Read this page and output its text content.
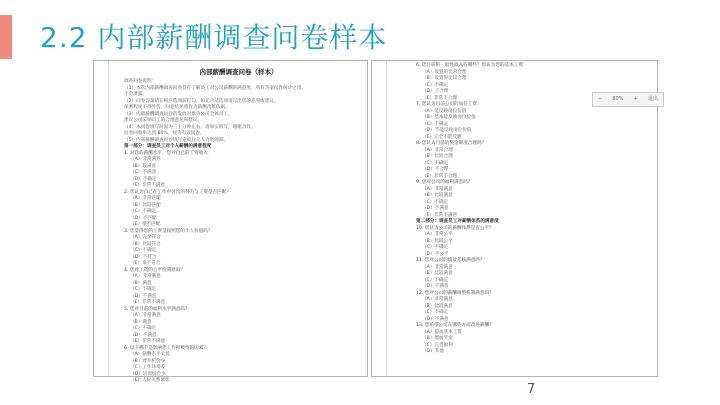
2.2 内部薪酬调查问卷样本
内部薪酬调查问卷（样本）
调查问卷说明：
（1）本次内部薪酬调查问卷旨在了解员工对公司薪酬的满意度，所有答案仅作统计之用。
不会泄露。
（2）问卷答案请在相应选项前打勾，如无合适选项请写出您的意见或建议。
保密程度不得外传，问卷结果将作为薪酬改革依据。
（3）内部薪酬调查问卷的发放对象为公司全体员工。
建议公司采纳员工的合理意见和建议。
（4）本问卷填写时间为三十分钟左右，请如实填写，谢谢合作。
问卷回收率达到 80%，视为有效问卷。
（5）内部薪酬调查问卷填写完成后交人力资源部。
第一部分：调查员工对个人薪酬的满意程度
1. 对您的薪酬水平，您对自己的工资收入：
（A）非常满意
（B）较满意
（C）不满意
（D）不确定
（E）非常不满意
2. 您认为自己在工作中付出的努力与工资是否匹配？
（A）非常匹配
（B）比较匹配
（C）不确定
（D）不匹配
（E）很不匹配
3. 您觉得您的工资是按照您的个人价值吗？
（A）完全符合
（B）比较符合
（C）不确定
（D）不符合
（E）很不符合
4. 您对工资的公平性满意吗？
（A）非常满意
（B）满意
（C）不确定
（D）不满意
（E）非常不满意
5. 您对目前的福利水平满意吗？
（A）非常满意
（B）满意
（C）不确定
（D）不满意
（E）非常不满意
6. 以下哪个是影响您工作积极性的因素？
（A）薪酬水平太低
（B）晋升机会少
（C）工作环境差
（D）培训机会少
（E）人际关系紧张
6. 您目前的一般性收入有哪些？您认为您的基本工资：
（A）设置的非常合理
（B）设置得比较合理
（C）不确定
（D）不合理
（E）非常不合理
7. 您认为目前公司的岗位工资：
（A）能反映岗位价值
（B）基本能反映岗位价值
（C）不确定
（D）不能反映岗位价值
（E）完全不能反映
8. 您认为目前的奖金制度合理吗？
（A）非常合理
（B）比较合理
（C）不确定
（D）不合理
（E）非常不合理
9. 您对公司的福利满意吗？
（A）非常满意
（B）比较满意
（C）不确定
（D）不满意
（E）非常不满意
第二部分：调查员工对薪酬体系的满意度
10. 您认为公司的薪酬体系是否公平？
（A）非常公平
（B）比较公平
（C）不确定
（D）不公平
11. 您对公司的绩效考核满意吗？
（A）非常满意
（B）比较满意
（C）不确定
（D）不满意
12. 您对公司的薪酬调整机制满意吗？
（A）非常满意
（B）比较满意
（C）不确定
（D）不满意
13. 您希望公司在哪些方面改进薪酬？
（A）提高基本工资
（B）增加奖金
（C）完善福利
（D）其他
− 80% + 退出
7
